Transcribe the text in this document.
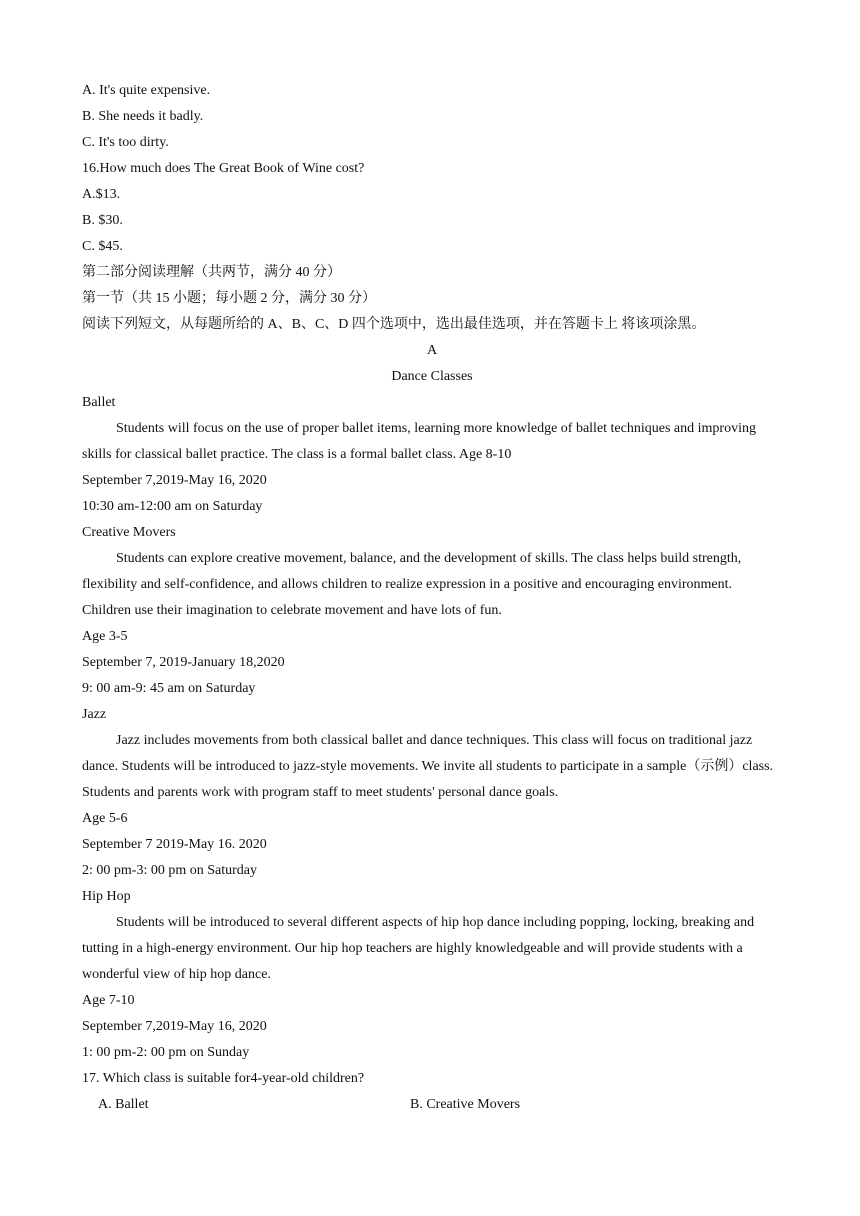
A. It's quite expensive.
B. She needs it badly.
C. It's too dirty.
16.How much does The Great Book of Wine cost?
A.$13.
B. $30.
C. $45.
第二部分阅读理解（共两节，满分 40 分）
第一节（共 15 小题；每小题 2 分，满分 30 分）
阅读下列短文，从每题所给的 A、B、C、D 四个选项中，选出最佳选项，并在答题卡上 将该项涂黑。
A
Dance Classes
Ballet
Students will focus on the use of proper ballet items, learning more knowledge of ballet techniques and improving skills for classical ballet practice. The class is a formal ballet class. Age 8-10
September 7,2019-May 16, 2020
10:30 am-12:00 am on Saturday
Creative Movers
Students can explore creative movement, balance, and the development of skills. The class helps build strength, flexibility and self-confidence, and allows children to realize expression in a positive and encouraging environment. Children use their imagination to celebrate movement and have lots of fun.
Age 3-5
September 7, 2019-January 18,2020
9: 00 am-9: 45 am on Saturday
Jazz
Jazz includes movements from both classical ballet and dance techniques. This class will focus on traditional jazz dance. Students will be introduced to jazz-style movements. We invite all students to participate in a sample（示例）class. Students and parents work with program staff to meet students' personal dance goals.
Age 5-6
September 7 2019-May 16. 2020
2: 00 pm-3: 00 pm on Saturday
Hip Hop
Students will be introduced to several different aspects of hip hop dance including popping, locking, breaking and tutting in a high-energy environment. Our hip hop teachers are highly knowledgeable and will provide students with a wonderful view of hip hop dance.
Age 7-10
September 7,2019-May 16, 2020
1: 00 pm-2: 00 pm on Sunday
17. Which class is suitable for4-year-old children?
A. Ballet	B. Creative Movers
